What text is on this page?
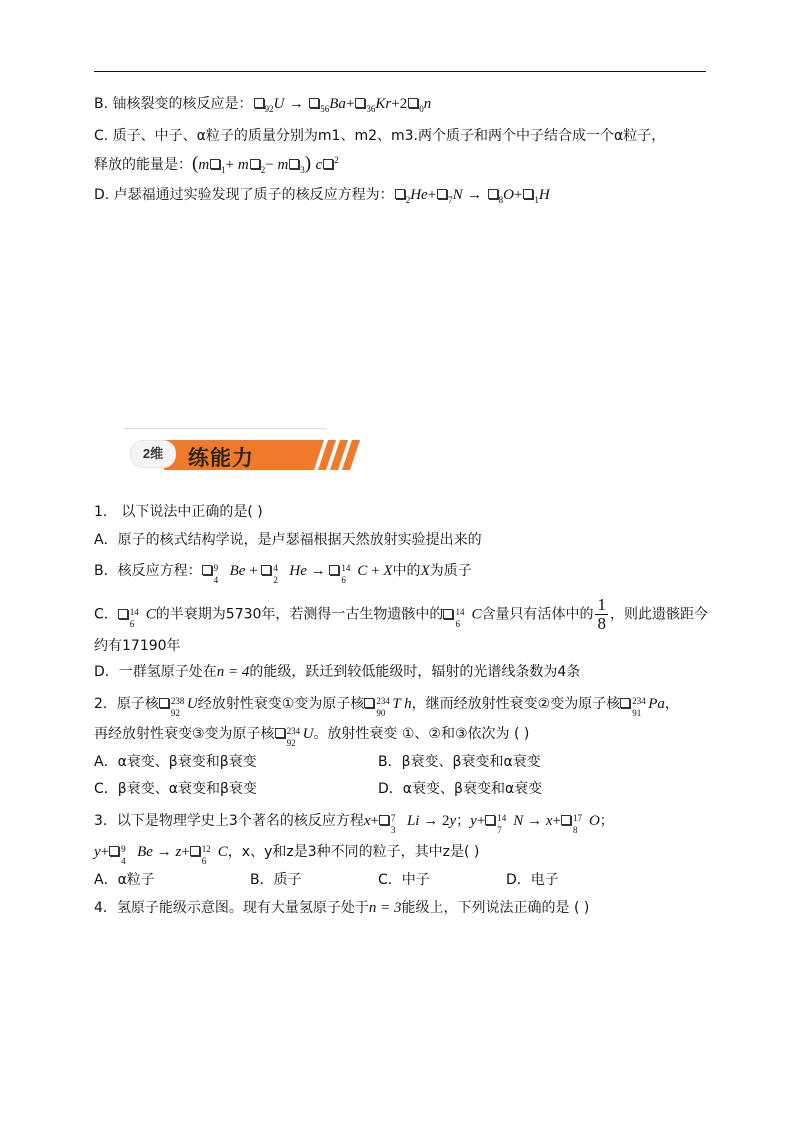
B. 铀核裂变的核反应是： $_{92}$U → $_{56}$Ba+ $_{36}$Kr+2 $_0$n
C. 质子、中子、α粒子的质量分别为m1、m2、m3.两个质子和两个中子结合成一个α粒子，
释放的能量是：(m $_1$+ m $_2$− m $_3$) c $^2$
D. 卢瑟福通过实验发现了质子的核反应方程为： $_2$He+ $_7$N → $_8$O+ $_1$H
2维	练能力
1． 以下说法中正确的是( )
A．原子的核式结构学说，是卢瑟福根据天然放射实验提出来的
B．核反应方程： 9
4
Be + 4
2
He → 14
6
C + X中的X为质子
C． 14
6
C的半衰期为5730年，若测得一古生物遗骸中的 14
6
C含量只有活体中的 $\frac{1}{8}$ ，则此遗骸距今
约有17190年
D．一群氢原子处在n = 4的能级，跃迁到较低能级时，辐射的光谱线条数为4条
2．原子核 238
92
U经放射性衰变①变为原子核 234
90
T h，继而经放射性衰变②变为原子核 234
91
Pa，
再经放射性衰变③变为原子核 234
92
U。放射性衰变 ①、②和③依次为 ( )
A．α衰变、β衰变和β衰变	B．β衰变、β衰变和α衰变
C．β衰变、α衰变和β衰变	D．α衰变、β衰变和α衰变
3．以下是物理学史上3个著名的核反应方程x+ 7
3
Li → 2y；y+ 14
7
N → x+ 17
8
O；
y+ 9
4
Be → z+ 12
6
C，x、y和z是3种不同的粒子，其中z是( )
A．α粒子	B．质子	C．中子	D．电子
4．氢原子能级示意图。现有大量氢原子处于n = 3能级上，下列说法正确的是 ( )
